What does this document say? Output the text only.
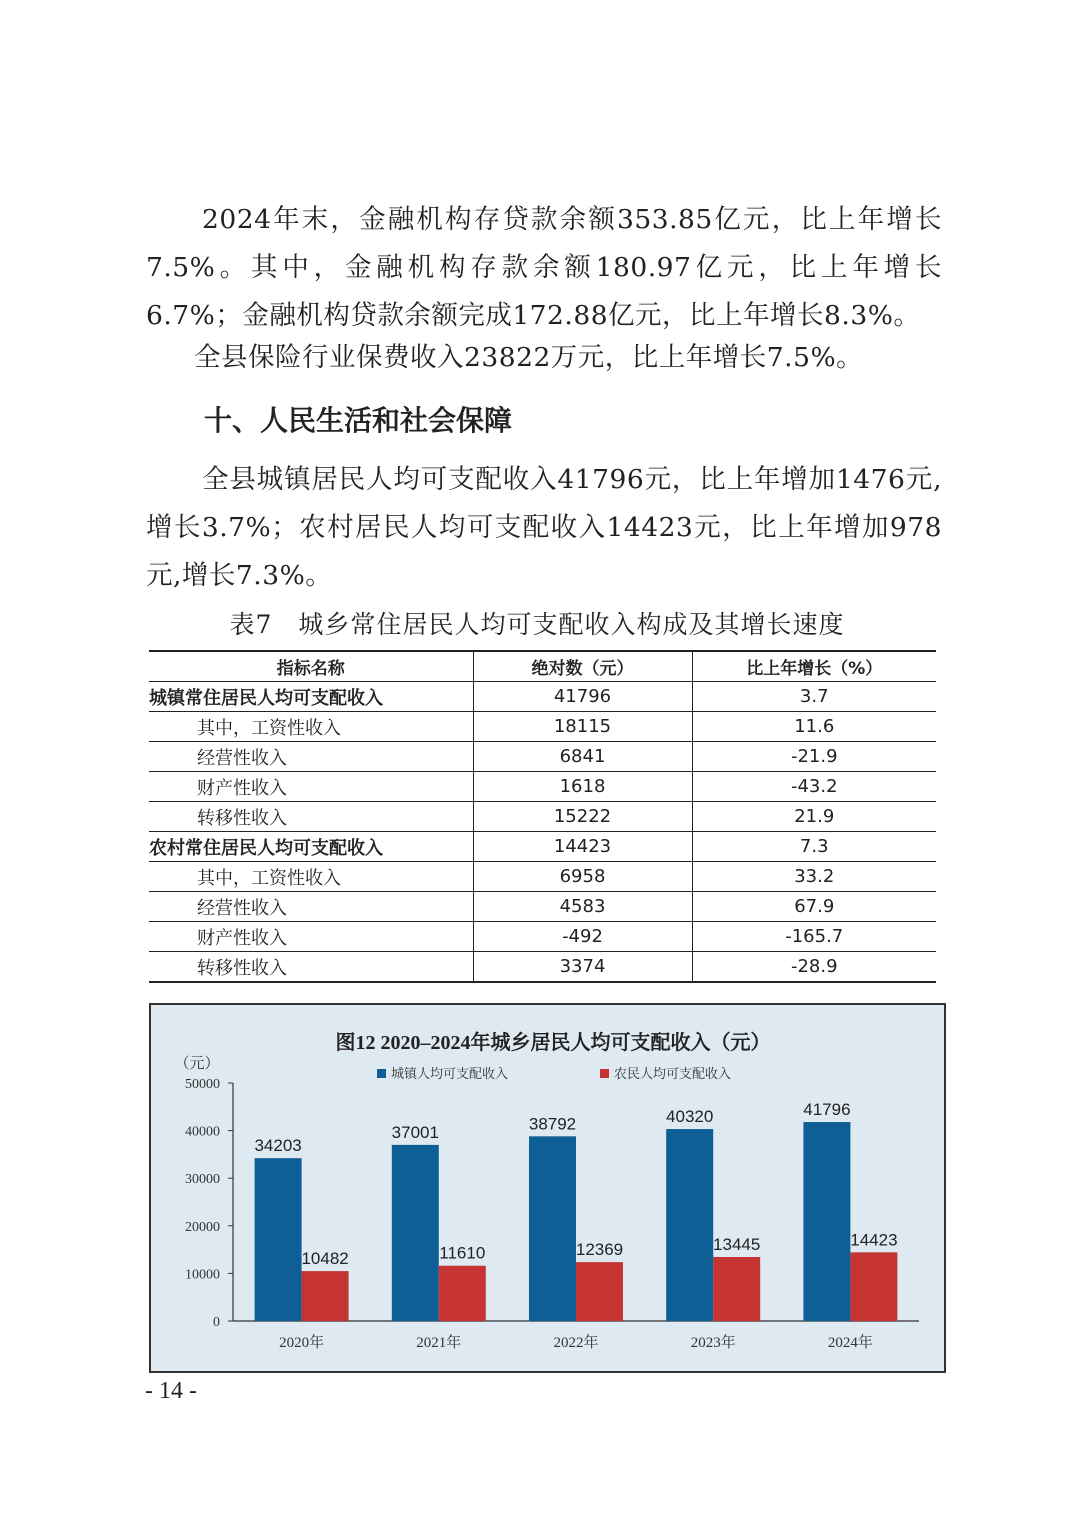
2024年末，金融机构存贷款余额353.85亿元，比上年增长7.5%。其中，金融机构存款余额180.97亿元，比上年增长6.7%；金融机构贷款余额完成172.88亿元，比上年增长8.3%。

全县保险行业保费收入23822万元，比上年增长7.5%。

十、人民生活和社会保障

全县城镇居民人均可支配收入41796元，比上年增加1476元,增长3.7%；农村居民人均可支配收入14423元，比上年增加978元,增长7.3%。

表7　城乡常住居民人均可支配收入构成及其增长速度
指标名称	绝对数（元）	比上年增长（%）
城镇常住居民人均可支配收入	41796	3.7
其中，工资性收入	18115	11.6
经营性收入	6841	-21.9
财产性收入	1618	-43.2
转移性收入	15222	21.9
农村常住居民人均可支配收入	14423	7.3
其中，工资性收入	6958	33.2
经营性收入	4583	67.9
财产性收入	-492	-165.7
转移性收入	3374	-28.9
图12 2020–2024年城乡居民人均可支配收入（元）
（元）
城镇人均可支配收入	农民人均可支配收入
0
10000
20000
30000
40000
50000
2020年	2021年	2022年	2023年	2024年
34203
10482
37001
11610
38792
12369
40320
13445
41796
14423
- 14 -
